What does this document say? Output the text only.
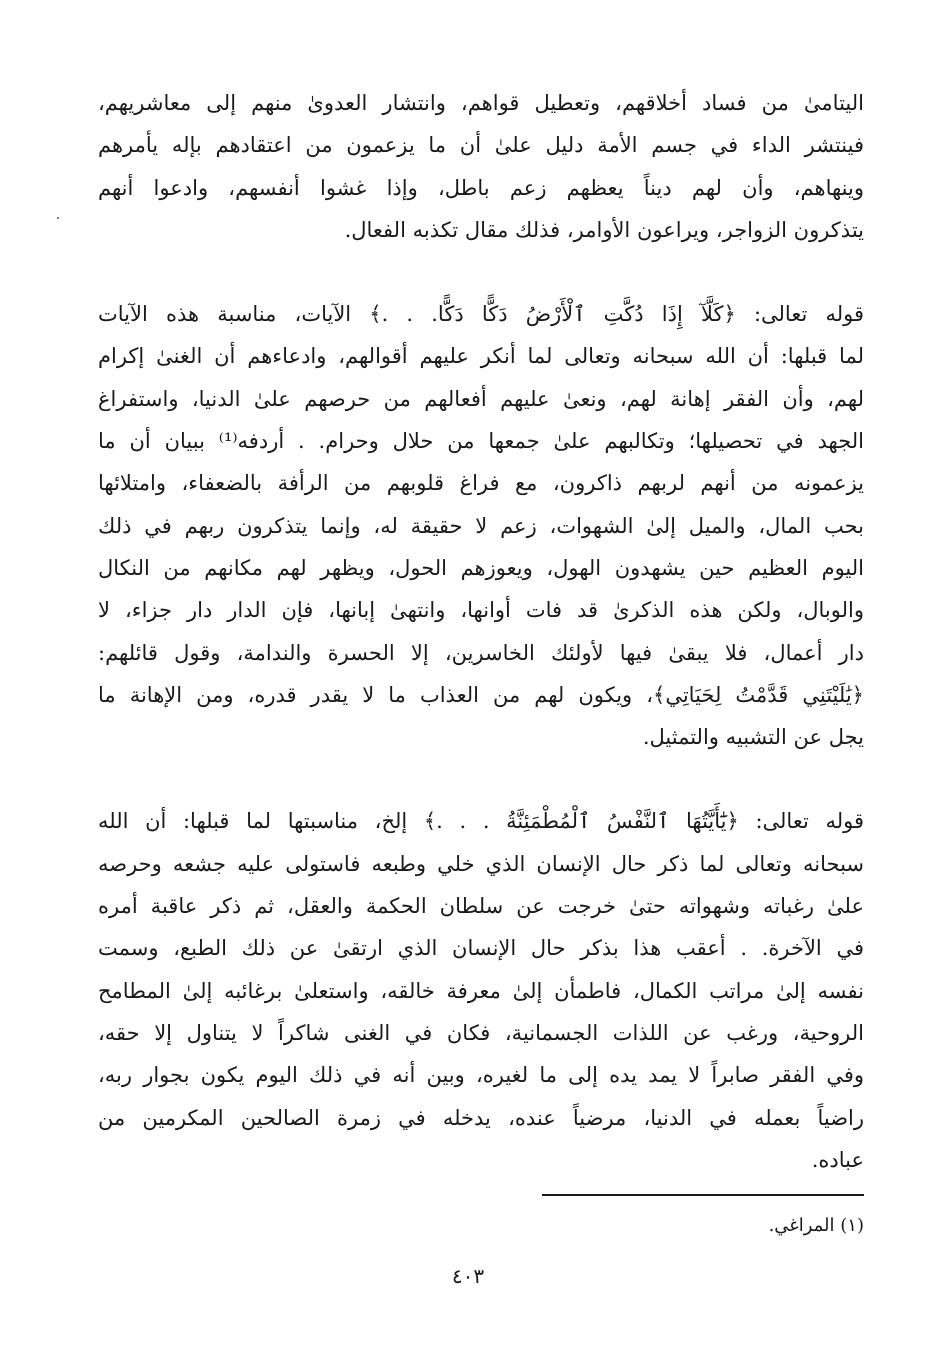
اليتامىٰ من فساد أخلاقهم، وتعطيل قواهم، وانتشار العدوىٰ منهم إلى معاشريهم،
فينتشر الداء في جسم الأمة دليل علىٰ أن ما يزعمون من اعتقادهم بإله يأمرهم
وينهاهم، وأن لهم ديناً يعظهم زعم باطل، وإذا غشوا أنفسهم، وادعوا أنهم
يتذكرون الزواجر، ويراعون الأوامر، فذلك مقال تكذبه الفعال.

قوله تعالى: ﴿كَلَّآ إِذَا دُكَّتِ ٱلْأَرْضُ دَكًّا دَكًّا. . .﴾ الآيات، مناسبة هذه الآيات
لما قبلها: أن الله سبحانه وتعالى لما أنكر عليهم أقوالهم، وادعاءهم أن الغنىٰ إكرام
لهم، وأن الفقر إهانة لهم، ونعىٰ عليهم أفعالهم من حرصهم علىٰ الدنيا، واستفراغ
الجهد في تحصيلها؛ وتكالبهم علىٰ جمعها من حلال وحرام. . أردفه⁽¹⁾ ببيان أن ما
يزعمونه من أنهم لربهم ذاكرون، مع فراغ قلوبهم من الرأفة بالضعفاء، وامتلائها
بحب المال، والميل إلىٰ الشهوات، زعم لا حقيقة له، وإنما يتذكرون ربهم في ذلك
اليوم العظيم حين يشهدون الهول، ويعوزهم الحول، ويظهر لهم مكانهم من النكال
والوبال، ولكن هذه الذكرىٰ قد فات أوانها، وانتهىٰ إبانها، فإن الدار دار جزاء، لا
دار أعمال، فلا يبقىٰ فيها لأولئك الخاسرين، إلا الحسرة والندامة، وقول قائلهم:
﴿يَٰلَيْتَنِي قَدَّمْتُ لِحَيَاتِي﴾، ويكون لهم من العذاب ما لا يقدر قدره، ومن الإهانة ما
يجل عن التشبيه والتمثيل.

قوله تعالى: ﴿يَٰٓأَيَّتُهَا ٱلنَّفْسُ ٱلْمُطْمَئِنَّةُ . . .﴾ إلخ، مناسبتها لما قبلها: أن الله
سبحانه وتعالى لما ذكر حال الإنسان الذي خلي وطبعه فاستولى عليه جشعه وحرصه
علىٰ رغباته وشهواته حتىٰ خرجت عن سلطان الحكمة والعقل، ثم ذكر عاقبة أمره
في الآخرة. . أعقب هذا بذكر حال الإنسان الذي ارتقىٰ عن ذلك الطبع، وسمت
نفسه إلىٰ مراتب الكمال، فاطمأن إلىٰ معرفة خالقه، واستعلىٰ برغائبه إلىٰ المطامح
الروحية، ورغب عن اللذات الجسمانية، فكان في الغنى شاكراً لا يتناول إلا حقه،
وفي الفقر صابراً لا يمد يده إلى ما لغيره، وبين أنه في ذلك اليوم يكون بجوار ربه،
راضياً بعمله في الدنيا، مرضياً عنده، يدخله في زمرة الصالحين المكرمين من
عباده.

(١) المراغي.
٤٠٣
